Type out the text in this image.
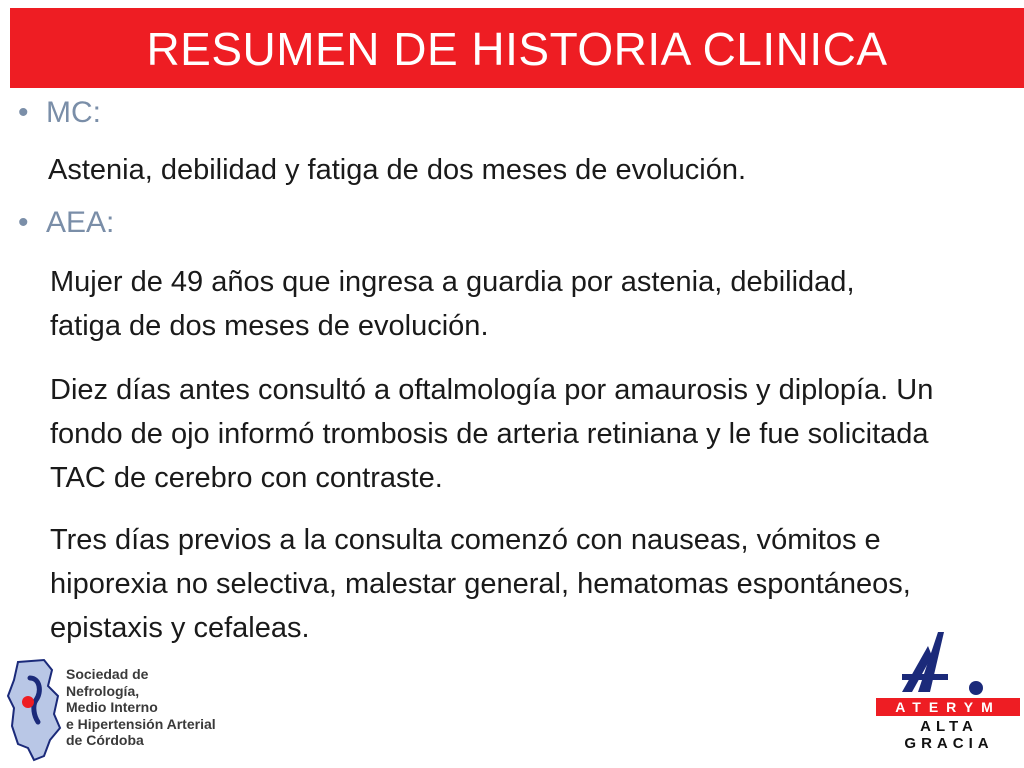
RESUMEN DE HISTORIA CLINICA
• MC:
Astenia, debilidad y fatiga de dos meses de evolución.
• AEA:
Mujer de 49 años que ingresa a guardia por astenia, debilidad, fatiga de dos meses de evolución.
Diez días antes consultó a oftalmología por amaurosis y diplopía. Un fondo de ojo informó trombosis de arteria retiniana y le fue solicitada TAC de cerebro con contraste.
Tres días previos a la consulta comenzó con nauseas, vómitos e hiporexia no selectiva, malestar general, hematomas espontáneos, epistaxis y cefaleas.
Sociedad de
Nefrología,
Medio Interno
e Hipertensión Arterial
de Córdoba
ATERYM
ALTA GRACIA
